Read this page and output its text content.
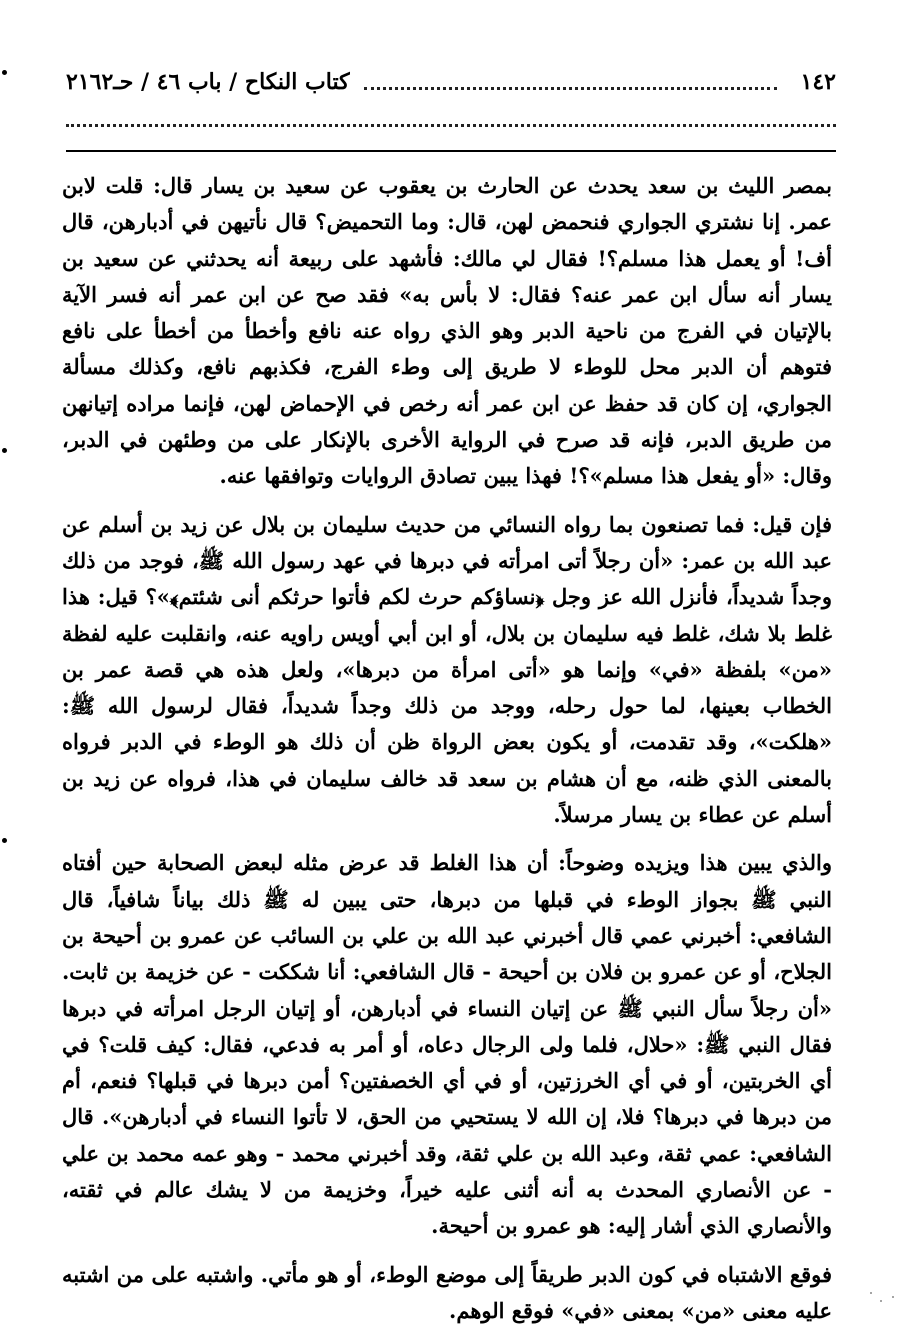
١٤٢
كتاب النكاح / باب ٤٦ / حـ٢١٦٢

بمصر الليث بن سعد يحدث عن الحارث بن يعقوب عن سعيد بن يسار قال: قلت لابن عمر. إنا نشتري الجواري فنحمض لهن، قال: وما التحميض؟ قال نأتيهن في أدبارهن، قال أف! أو يعمل هذا مسلم؟! فقال لي مالك: فأشهد على ربيعة أنه يحدثني عن سعيد بن يسار أنه سأل ابن عمر عنه؟ فقال: لا بأس به» فقد صح عن ابن عمر أنه فسر الآية بالإتيان في الفرج من ناحية الدبر وهو الذي رواه عنه نافع وأخطأ من أخطأ على نافع فتوهم أن الدبر محل للوطء لا طريق إلى وطء الفرج، فكذبهم نافع، وكذلك مسألة الجواري، إن كان قد حفظ عن ابن عمر أنه رخص في الإحماض لهن، فإنما مراده إتيانهن من طريق الدبر، فإنه قد صرح في الرواية الأخرى بالإنكار على من وطئهن في الدبر، وقال: «أو يفعل هذا مسلم»؟! فهذا يبين تصادق الروايات وتوافقها عنه.

فإن قيل: فما تصنعون بما رواه النسائي من حديث سليمان بن بلال عن زيد بن أسلم عن عبد الله بن عمر: «أن رجلاً أتى امرأته في دبرها في عهد رسول الله ﷺ، فوجد من ذلك وجداً شديداً، فأنزل الله عز وجل ﴿نساؤكم حرث لكم فأتوا حرثكم أنى شئتم﴾»؟ قيل: هذا غلط بلا شك، غلط فيه سليمان بن بلال، أو ابن أبي أويس راويه عنه، وانقلبت عليه لفظة «من» بلفظة «في» وإنما هو «أتى امرأة من دبرها»، ولعل هذه هي قصة عمر بن الخطاب بعينها، لما حول رحله، ووجد من ذلك وجداً شديداً، فقال لرسول الله ﷺ: «هلكت»، وقد تقدمت، أو يكون بعض الرواة ظن أن ذلك هو الوطء في الدبر فرواه بالمعنى الذي ظنه، مع أن هشام بن سعد قد خالف سليمان في هذا، فرواه عن زيد بن أسلم عن عطاء بن يسار مرسلاً.

والذي يبين هذا ويزيده وضوحاً: أن هذا الغلط قد عرض مثله لبعض الصحابة حين أفتاه النبي ﷺ بجواز الوطء في قبلها من دبرها، حتى يبين له ﷺ ذلك بياناً شافياً، قال الشافعي: أخبرني عمي قال أخبرني عبد الله بن علي بن السائب عن عمرو بن أحيحة بن الجلاح، أو عن عمرو بن فلان بن أحيحة - قال الشافعي: أنا شككت - عن خزيمة بن ثابت. «أن رجلاً سأل النبي ﷺ عن إتيان النساء في أدبارهن، أو إتيان الرجل امرأته في دبرها فقال النبي ﷺ: «حلال، فلما ولى الرجال دعاه، أو أمر به فدعي، فقال: كيف قلت؟ في أي الخربتين، أو في أي الخرزتين، أو في أي الخصفتين؟ أمن دبرها في قبلها؟ فنعم، أم من دبرها في دبرها؟ فلا، إن الله لا يستحيي من الحق، لا تأتوا النساء في أدبارهن». قال الشافعي: عمي ثقة، وعبد الله بن علي ثقة، وقد أخبرني محمد - وهو عمه محمد بن علي - عن الأنصاري المحدث به أنه أثنى عليه خيراً، وخزيمة من لا يشك عالم في ثقته، والأنصاري الذي أشار إليه: هو عمرو بن أحيحة.

فوقع الاشتباه في كون الدبر طريقاً إلى موضع الوطء، أو هو مأتي. واشتبه على من اشتبه عليه معنى «من» بمعنى «في» فوقع الوهم.
